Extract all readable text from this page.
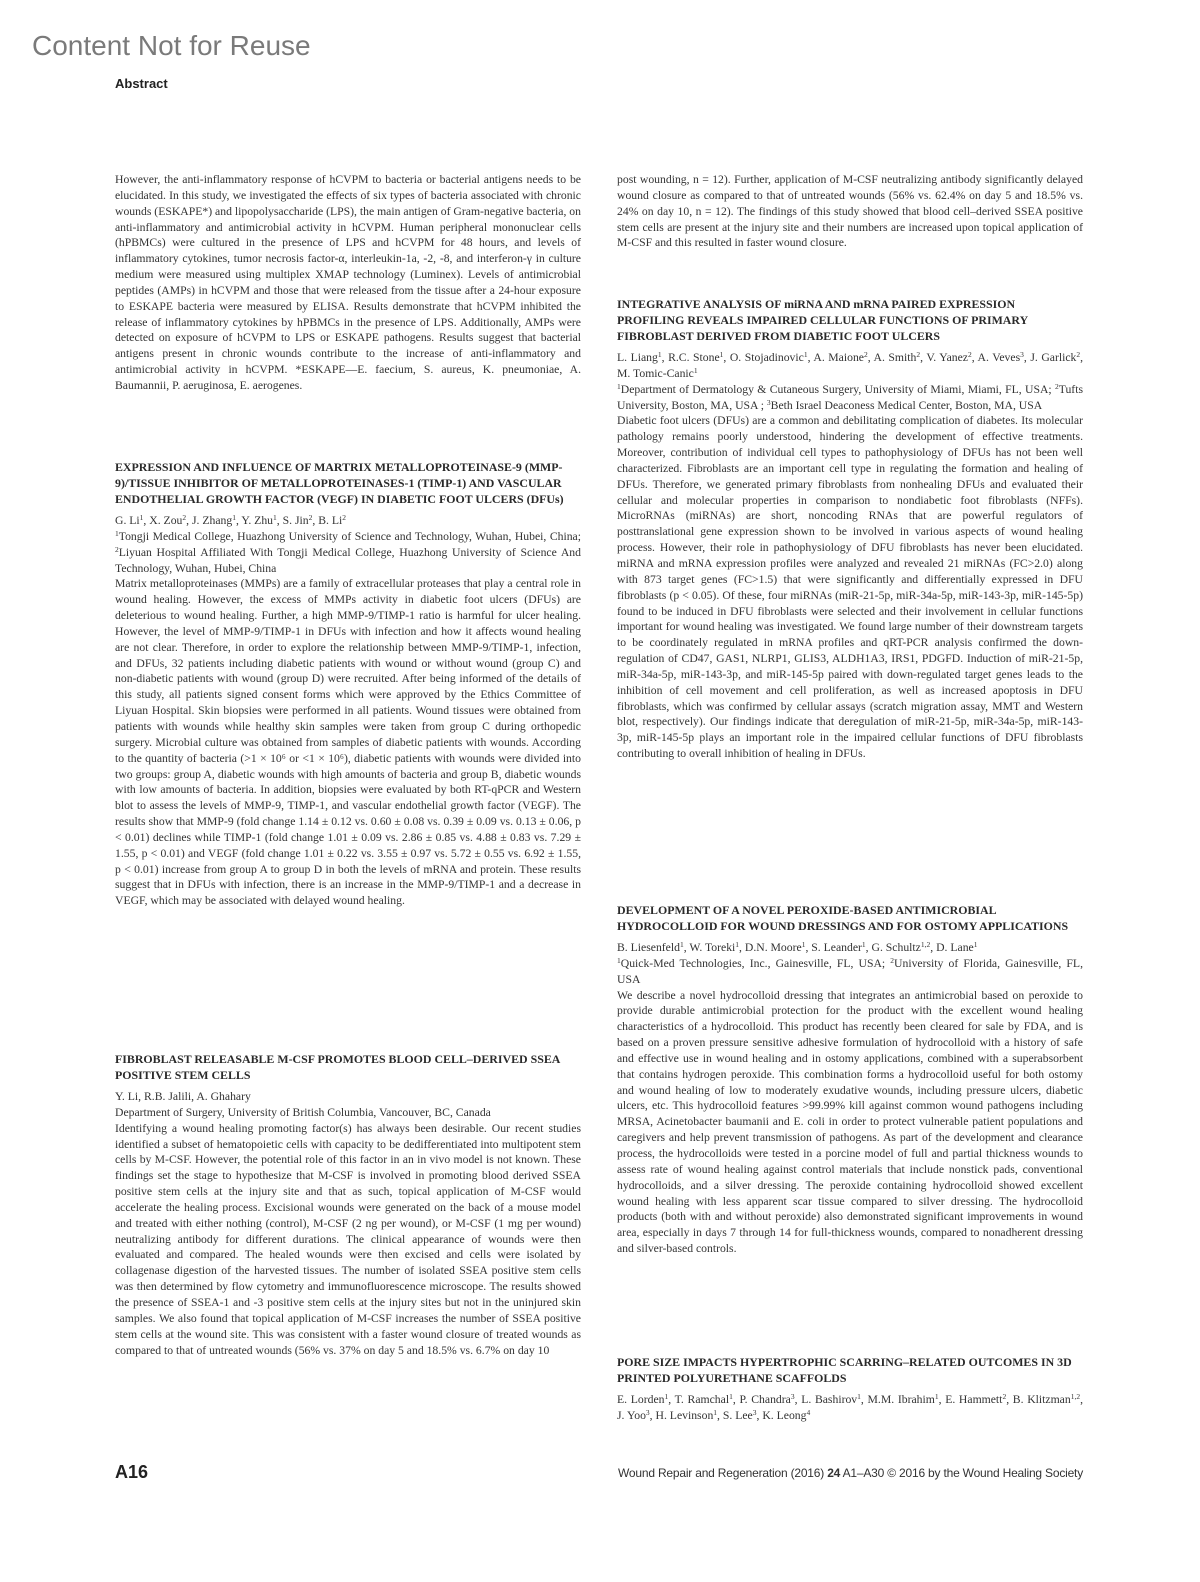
Content Not for Reuse
Abstract

However, the anti-inflammatory response of hCVPM to bacteria or bacterial antigens needs to be elucidated. In this study, we investigated the effects of six types of bacteria associated with chronic wounds (ESKAPE*) and lipopolysaccharide (LPS), the main antigen of Gram-negative bacteria, on anti-inflammatory and antimicrobial activity in hCVPM. Human peripheral mononuclear cells (hPBMCs) were cultured in the presence of LPS and hCVPM for 48 hours, and levels of inflammatory cytokines, tumor necrosis factor-α, interleukin-1a, -2, -8, and interferon-γ in culture medium were measured using multiplex XMAP technology (Luminex). Levels of antimicrobial peptides (AMPs) in hCVPM and those that were released from the tissue after a 24-hour exposure to ESKAPE bacteria were measured by ELISA. Results demonstrate that hCVPM inhibited the release of inflammatory cytokines by hPBMCs in the presence of LPS. Additionally, AMPs were detected on exposure of hCVPM to LPS or ESKAPE pathogens. Results suggest that bacterial antigens present in chronic wounds contribute to the increase of anti-inflammatory and antimicrobial activity in hCVPM. *ESKAPE—E. faecium, S. aureus, K. pneumoniae, A. Baumannii, P. aeruginosa, E. aerogenes.

EXPRESSION AND INFLUENCE OF MARTRIX METALLOPROTEINASE-9 (MMP-9)/TISSUE INHIBITOR OF METALLOPROTEINASES-1 (TIMP-1) AND VASCULAR ENDOTHELIAL GROWTH FACTOR (VEGF) IN DIABETIC FOOT ULCERS (DFUs)

G. Li$^1$, X. Zou$^2$, J. Zhang$^1$, Y. Zhu$^1$, S. Jin$^2$, B. Li$^2$

$^1$Tongji Medical College, Huazhong University of Science and Technology, Wuhan, Hubei, China; $^2$Liyuan Hospital Affiliated With Tongji Medical College, Huazhong University of Science And Technology, Wuhan, Hubei, China

Matrix metalloproteinases (MMPs) are a family of extracellular proteases that play a central role in wound healing. However, the excess of MMPs activity in diabetic foot ulcers (DFUs) are deleterious to wound healing. Further, a high MMP-9/TIMP-1 ratio is harmful for ulcer healing. However, the level of MMP-9/TIMP-1 in DFUs with infection and how it affects wound healing are not clear. Therefore, in order to explore the relationship between MMP-9/TIMP-1, infection, and DFUs, 32 patients including diabetic patients with wound or without wound (group C) and non-diabetic patients with wound (group D) were recruited. After being informed of the details of this study, all patients signed consent forms which were approved by the Ethics Committee of Liyuan Hospital. Skin biopsies were performed in all patients. Wound tissues were obtained from patients with wounds while healthy skin samples were taken from group C during orthopedic surgery. Microbial culture was obtained from samples of diabetic patients with wounds. According to the quantity of bacteria (>1 × 10⁶ or <1 × 10⁶), diabetic patients with wounds were divided into two groups: group A, diabetic wounds with high amounts of bacteria and group B, diabetic wounds with low amounts of bacteria. In addition, biopsies were evaluated by both RT-qPCR and Western blot to assess the levels of MMP-9, TIMP-1, and vascular endothelial growth factor (VEGF). The results show that MMP-9 (fold change 1.14 ± 0.12 vs. 0.60 ± 0.08 vs. 0.39 ± 0.09 vs. 0.13 ± 0.06, p < 0.01) declines while TIMP-1 (fold change 1.01 ± 0.09 vs. 2.86 ± 0.85 vs. 4.88 ± 0.83 vs. 7.29 ± 1.55, p < 0.01) and VEGF (fold change 1.01 ± 0.22 vs. 3.55 ± 0.97 vs. 5.72 ± 0.55 vs. 6.92 ± 1.55, p < 0.01) increase from group A to group D in both the levels of mRNA and protein. These results suggest that in DFUs with infection, there is an increase in the MMP-9/TIMP-1 and a decrease in VEGF, which may be associated with delayed wound healing.

FIBROBLAST RELEASABLE M-CSF PROMOTES BLOOD CELL–DERIVED SSEA POSITIVE STEM CELLS

Y. Li, R.B. Jalili, A. Ghahary

Department of Surgery, University of British Columbia, Vancouver, BC, Canada

Identifying a wound healing promoting factor(s) has always been desirable. Our recent studies identified a subset of hematopoietic cells with capacity to be dedifferentiated into multipotent stem cells by M-CSF. However, the potential role of this factor in an in vivo model is not known. These findings set the stage to hypothesize that M-CSF is involved in promoting blood derived SSEA positive stem cells at the injury site and that as such, topical application of M-CSF would accelerate the healing process. Excisional wounds were generated on the back of a mouse model and treated with either nothing (control), M-CSF (2 ng per wound), or M-CSF (1 mg per wound) neutralizing antibody for different durations. The clinical appearance of wounds were then evaluated and compared. The healed wounds were then excised and cells were isolated by collagenase digestion of the harvested tissues. The number of isolated SSEA positive stem cells was then determined by flow cytometry and immunofluorescence microscope. The results showed the presence of SSEA-1 and -3 positive stem cells at the injury sites but not in the uninjured skin samples. We also found that topical application of M-CSF increases the number of SSEA positive stem cells at the wound site. This was consistent with a faster wound closure of treated wounds as compared to that of untreated wounds (56% vs. 37% on day 5 and 18.5% vs. 6.7% on day 10

post wounding, n = 12). Further, application of M-CSF neutralizing antibody significantly delayed wound closure as compared to that of untreated wounds (56% vs. 62.4% on day 5 and 18.5% vs. 24% on day 10, n = 12). The findings of this study showed that blood cell–derived SSEA positive stem cells are present at the injury site and their numbers are increased upon topical application of M-CSF and this resulted in faster wound closure.

INTEGRATIVE ANALYSIS OF miRNA AND mRNA PAIRED EXPRESSION PROFILING REVEALS IMPAIRED CELLULAR FUNCTIONS OF PRIMARY FIBROBLAST DERIVED FROM DIABETIC FOOT ULCERS

L. Liang$^1$, R.C. Stone$^1$, O. Stojadinovic$^1$, A. Maione$^2$, A. Smith$^2$, V. Yanez$^2$, A. Veves$^3$, J. Garlick$^2$, M. Tomic-Canic$^1$

$^1$Department of Dermatology & Cutaneous Surgery, University of Miami, Miami, FL, USA; $^2$Tufts University, Boston, MA, USA ; $^3$Beth Israel Deaconess Medical Center, Boston, MA, USA

Diabetic foot ulcers (DFUs) are a common and debilitating complication of diabetes. Its molecular pathology remains poorly understood, hindering the development of effective treatments. Moreover, contribution of individual cell types to pathophysiology of DFUs has not been well characterized. Fibroblasts are an important cell type in regulating the formation and healing of DFUs. Therefore, we generated primary fibroblasts from nonhealing DFUs and evaluated their cellular and molecular properties in comparison to nondiabetic foot fibroblasts (NFFs). MicroRNAs (miRNAs) are short, noncoding RNAs that are powerful regulators of posttranslational gene expression shown to be involved in various aspects of wound healing process. However, their role in pathophysiology of DFU fibroblasts has never been elucidated. miRNA and mRNA expression profiles were analyzed and revealed 21 miRNAs (FC>2.0) along with 873 target genes (FC>1.5) that were significantly and differentially expressed in DFU fibroblasts (p < 0.05). Of these, four miRNAs (miR-21-5p, miR-34a-5p, miR-143-3p, miR-145-5p) found to be induced in DFU fibroblasts were selected and their involvement in cellular functions important for wound healing was investigated. We found large number of their downstream targets to be coordinately regulated in mRNA profiles and qRT-PCR analysis confirmed the down-regulation of CD47, GAS1, NLRP1, GLIS3, ALDH1A3, IRS1, PDGFD. Induction of miR-21-5p, miR-34a-5p, miR-143-3p, and miR-145-5p paired with down-regulated target genes leads to the inhibition of cell movement and cell proliferation, as well as increased apoptosis in DFU fibroblasts, which was confirmed by cellular assays (scratch migration assay, MMT and Western blot, respectively). Our findings indicate that deregulation of miR-21-5p, miR-34a-5p, miR-143-3p, miR-145-5p plays an important role in the impaired cellular functions of DFU fibroblasts contributing to overall inhibition of healing in DFUs.

DEVELOPMENT OF A NOVEL PEROXIDE-BASED ANTIMICROBIAL HYDROCOLLOID FOR WOUND DRESSINGS AND FOR OSTOMY APPLICATIONS

B. Liesenfeld$^1$, W. Toreki$^1$, D.N. Moore$^1$, S. Leander$^1$, G. Schultz$^{1,2}$, D. Lane$^1$

$^1$Quick-Med Technologies, Inc., Gainesville, FL, USA; $^2$University of Florida, Gainesville, FL, USA

We describe a novel hydrocolloid dressing that integrates an antimicrobial based on peroxide to provide durable antimicrobial protection for the product with the excellent wound healing characteristics of a hydrocolloid. This product has recently been cleared for sale by FDA, and is based on a proven pressure sensitive adhesive formulation of hydrocolloid with a history of safe and effective use in wound healing and in ostomy applications, combined with a superabsorbent that contains hydrogen peroxide. This combination forms a hydrocolloid useful for both ostomy and wound healing of low to moderately exudative wounds, including pressure ulcers, diabetic ulcers, etc. This hydrocolloid features >99.99% kill against common wound pathogens including MRSA, Acinetobacter baumanii and E. coli in order to protect vulnerable patient populations and caregivers and help prevent transmission of pathogens. As part of the development and clearance process, the hydrocolloids were tested in a porcine model of full and partial thickness wounds to assess rate of wound healing against control materials that include nonstick pads, conventional hydrocolloids, and a silver dressing. The peroxide containing hydrocolloid showed excellent wound healing with less apparent scar tissue compared to silver dressing. The hydrocolloid products (both with and without peroxide) also demonstrated significant improvements in wound area, especially in days 7 through 14 for full-thickness wounds, compared to nonadherent dressing and silver-based controls.

PORE SIZE IMPACTS HYPERTROPHIC SCARRING–RELATED OUTCOMES IN 3D PRINTED POLYURETHANE SCAFFOLDS

E. Lorden$^1$, T. Ramchal$^1$, P. Chandra$^3$, L. Bashirov$^1$, M.M. Ibrahim$^1$, E. Hammett$^2$, B. Klitzman$^{1,2}$, J. Yoo$^3$, H. Levinson$^1$, S. Lee$^3$, K. Leong$^4$

A16	Wound Repair and Regeneration (2016) 24 A1–A30 © 2016 by the Wound Healing Society
